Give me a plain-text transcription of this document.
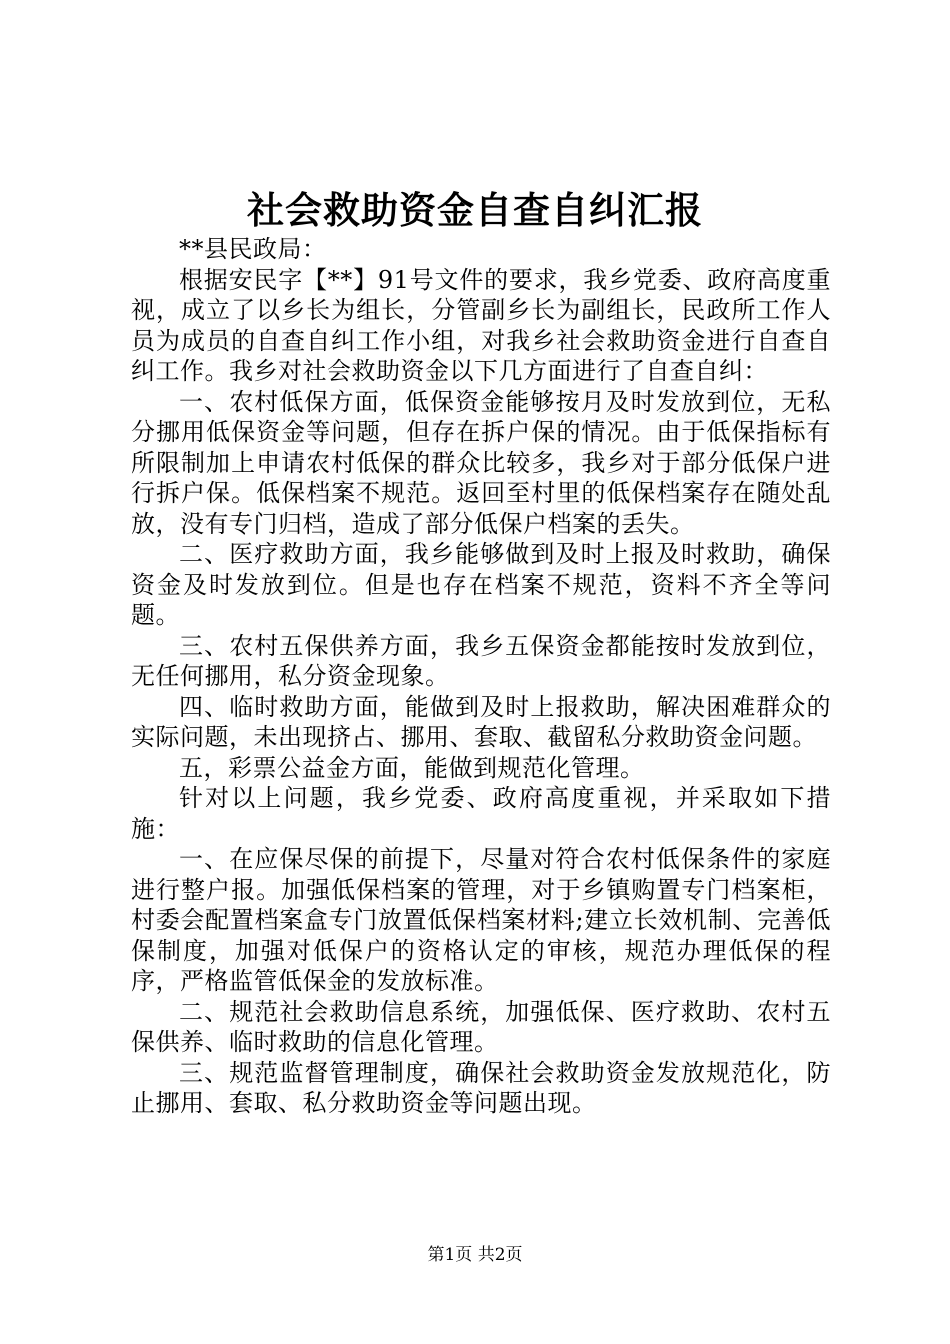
社会救助资金自查自纠汇报

**县民政局：

根据安民字【**】91号文件的要求，我乡党委、政府高度重视，成立了以乡长为组长，分管副乡长为副组长，民政所工作人员为成员的自查自纠工作小组，对我乡社会救助资金进行自查自纠工作。我乡对社会救助资金以下几方面进行了自查自纠：

一、农村低保方面，低保资金能够按月及时发放到位，无私分挪用低保资金等问题，但存在拆户保的情况。由于低保指标有所限制加上申请农村低保的群众比较多，我乡对于部分低保户进行拆户保。低保档案不规范。返回至村里的低保档案存在随处乱放，没有专门归档，造成了部分低保户档案的丢失。

二、医疗救助方面，我乡能够做到及时上报及时救助，确保资金及时发放到位。但是也存在档案不规范，资料不齐全等问题。

三、农村五保供养方面，我乡五保资金都能按时发放到位，无任何挪用，私分资金现象。

四、临时救助方面，能做到及时上报救助，解决困难群众的实际问题，未出现挤占、挪用、套取、截留私分救助资金问题。

五，彩票公益金方面，能做到规范化管理。

针对以上问题，我乡党委、政府高度重视，并采取如下措施：

一、在应保尽保的前提下，尽量对符合农村低保条件的家庭进行整户报。加强低保档案的管理，对于乡镇购置专门档案柜，村委会配置档案盒专门放置低保档案材料;建立长效机制、完善低保制度，加强对低保户的资格认定的审核，规范办理低保的程序，严格监管低保金的发放标准。

二、规范社会救助信息系统，加强低保、医疗救助、农村五保供养、临时救助的信息化管理。

三、规范监督管理制度，确保社会救助资金发放规范化，防止挪用、套取、私分救助资金等问题出现。

第1页 共2页
